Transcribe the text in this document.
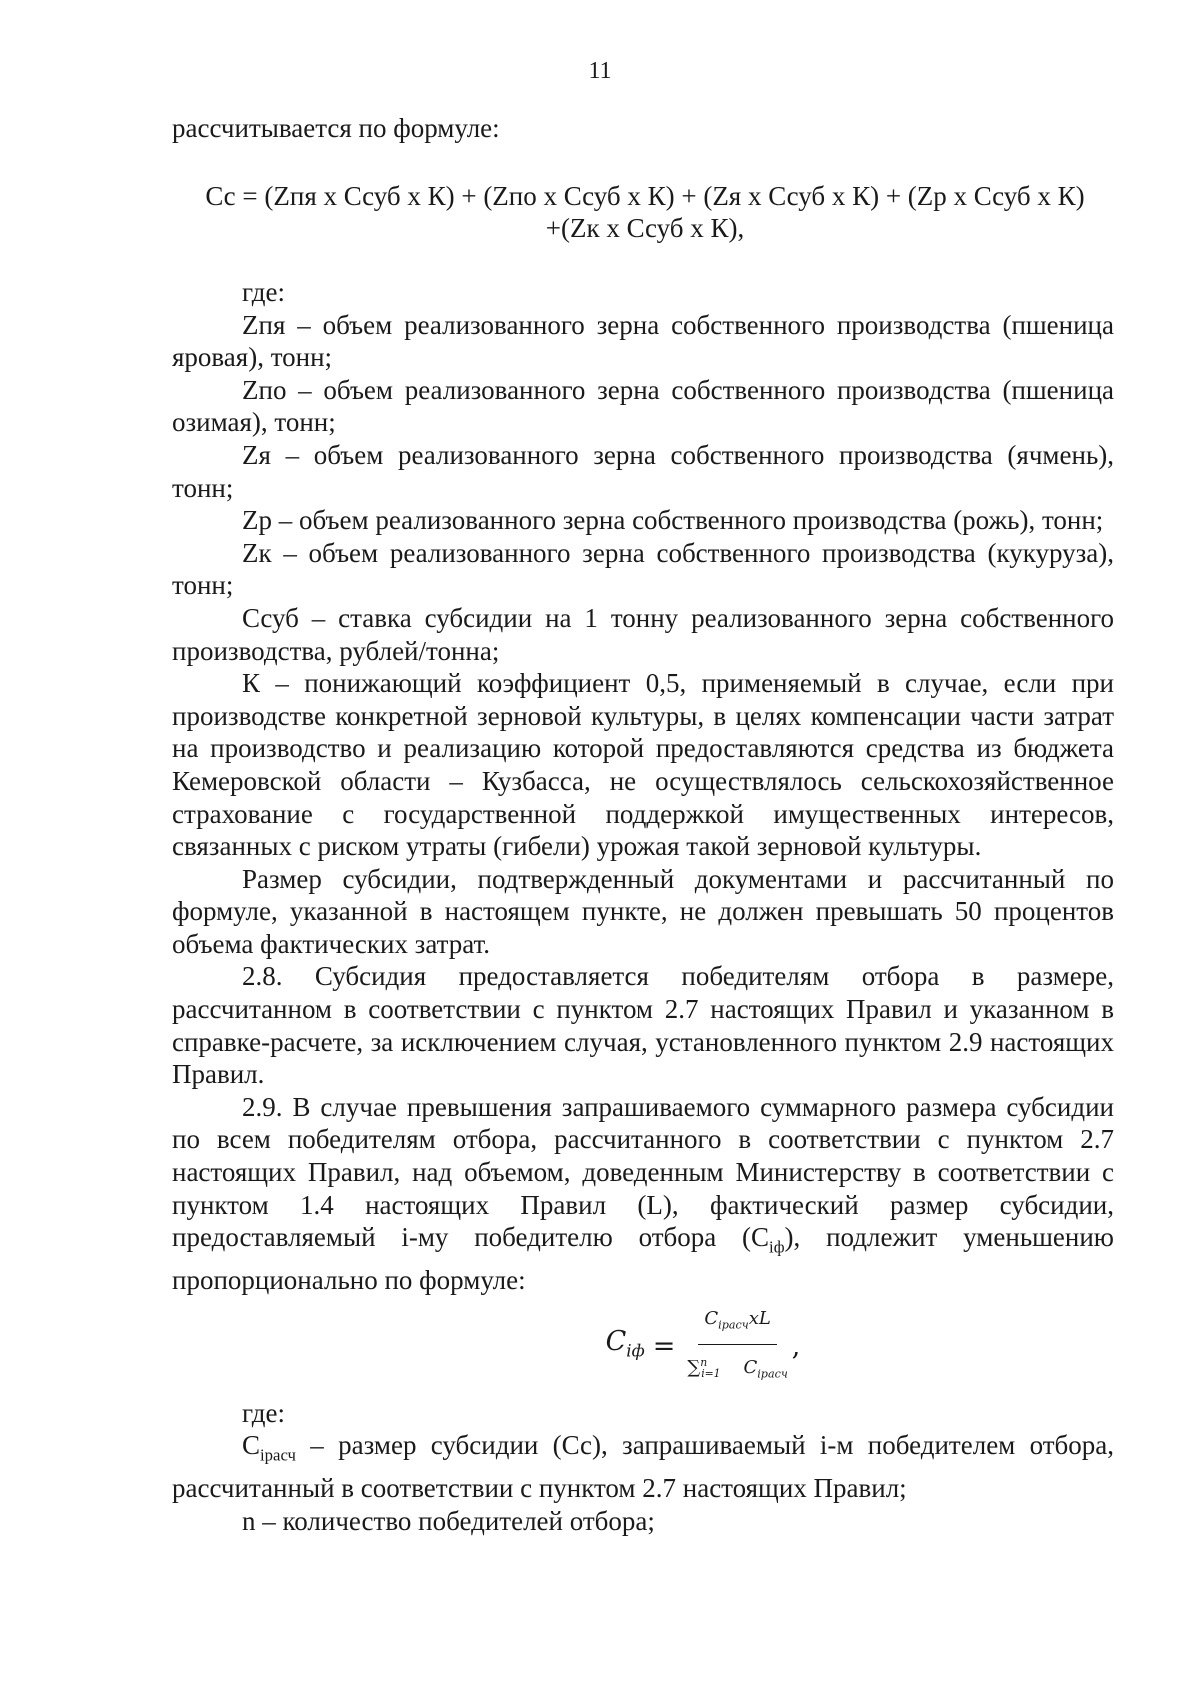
11
рассчитывается по формуле:
Сс = (Zпя х Ссуб х К) + (Zпо х Ссуб х К) + (Zя х Ссуб х К) + (Zр х Ссуб х К)
+(Zк х Ссуб х К),

где:

Zпя – объем реализованного зерна собственного производства (пшеница яровая), тонн;

Zпо – объем реализованного зерна собственного производства (пшеница озимая), тонн;

Zя – объем реализованного зерна собственного производства (ячмень), тонн;

Zр – объем реализованного зерна собственного производства (рожь), тонн;

Zк – объем реализованного зерна собственного производства (кукуруза), тонн;

Ссуб – ставка субсидии на 1 тонну реализованного зерна собственного производства, рублей/тонна;

К – понижающий коэффициент 0,5, применяемый в случае, если при производстве конкретной зерновой культуры, в целях компенсации части затрат на производство и реализацию которой предоставляются средства из бюджета Кемеровской области – Кузбасса, не осуществлялось сельскохозяйственное страхование с государственной поддержкой имущественных интересов, связанных с риском утраты (гибели) урожая такой зерновой культуры.

Размер субсидии, подтвержденный документами и рассчитанный по формуле, указанной в настоящем пункте, не должен превышать 50 процентов объема фактических затрат.

2.8. Субсидия предоставляется победителям отбора в размере, рассчитанном в соответствии с пунктом 2.7 настоящих Правил и указанном в справке-расчете, за исключением случая, установленного пунктом 2.9 настоящих Правил.

2.9. В случае превышения запрашиваемого суммарного размера субсидии по всем победителям отбора, рассчитанного в соответствии с пунктом 2.7 настоящих Правил, над объемом, доведенным Министерству в соответствии с пунктом 1.4 настоящих Правил (L), фактический размер субсидии, предоставляемый i-му победителю отбора $(С_{iф})$, подлежит уменьшению пропорционально по формуле:

$C_{iф} = \frac{C_{iрасч}xL}{\sum^n_{i=1} C_{iрасч}}$ ,

где:

$С_{iрасч}$ – размер субсидии (Сс), запрашиваемый i-м победителем отбора, рассчитанный в соответствии с пунктом 2.7 настоящих Правил;

n – количество победителей отбора;
